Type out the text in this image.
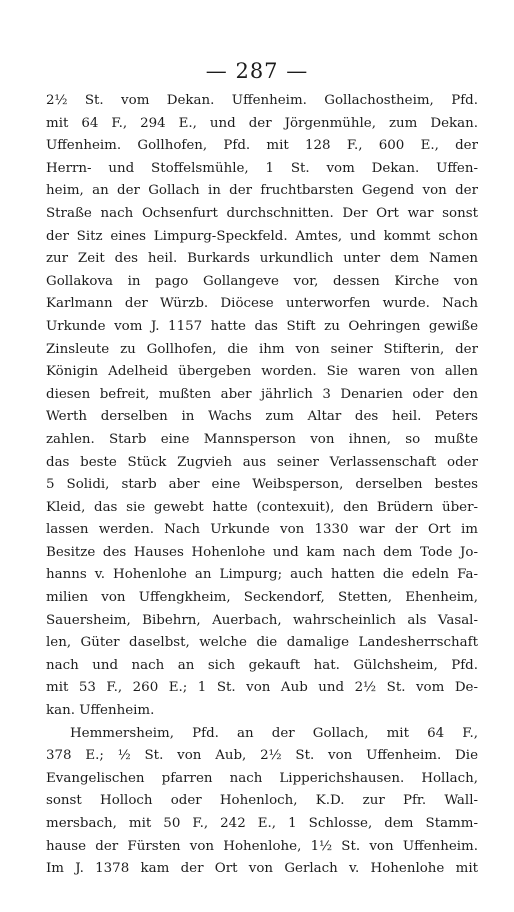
— 287 —
2½ St. vom Dekan. Uffenheim. Gollachostheim, Pfd.
mit 64 F., 294 E., und der Jörgenmühle, zum Dekan.
Uffenheim. Gollhofen, Pfd. mit 128 F., 600 E., der
Herrn- und Stoffelsmühle, 1 St. vom Dekan. Uffen-
heim, an der Gollach in der fruchtbarsten Gegend von der
Straße nach Ochsenfurt durchschnitten. Der Ort war sonst
der Sitz eines Limpurg-Speckfeld. Amtes, und kommt schon
zur Zeit des heil. Burkards urkundlich unter dem Namen
Gollakova in pago Gollangeve vor, dessen Kirche von
Karlmann der Würzb. Diöcese unterworfen wurde. Nach
Urkunde vom J. 1157 hatte das Stift zu Oehringen gewiße
Zinsleute zu Gollhofen, die ihm von seiner Stifterin, der
Königin Adelheid übergeben worden. Sie waren von allen
diesen befreit, mußten aber jährlich 3 Denarien oder den
Werth derselben in Wachs zum Altar des heil. Peters
zahlen. Starb eine Mannsperson von ihnen, so mußte
das beste Stück Zugvieh aus seiner Verlassenschaft oder
5 Solidi, starb aber eine Weibsperson, derselben bestes
Kleid, das sie gewebt hatte (contexuit), den Brüdern über-
lassen werden. Nach Urkunde von 1330 war der Ort im
Besitze des Hauses Hohenlohe und kam nach dem Tode Jo-
hanns v. Hohenlohe an Limpurg; auch hatten die edeln Fa-
milien von Uffengkheim, Seckendorf, Stetten, Ehenheim,
Sauersheim, Bibehrn, Auerbach, wahrscheinlich als Vasal-
len, Güter daselbst, welche die damalige Landesherrschaft
nach und nach an sich gekauft hat. Gülchsheim, Pfd.
mit 53 F., 260 E.; 1 St. von Aub und 2½ St. vom De-
kan. Uffenheim.
Hemmersheim, Pfd. an der Gollach, mit 64 F.,
378 E.; ½ St. von Aub, 2½ St. von Uffenheim. Die
Evangelischen pfarren nach Lipperichshausen. Hollach,
sonst Holloch oder Hohenloch, K.D. zur Pfr. Wall-
mersbach, mit 50 F., 242 E., 1 Schlosse, dem Stamm-
hause der Fürsten von Hohenlohe, 1½ St. von Uffenheim.
Im J. 1378 kam der Ort von Gerlach v. Hohenlohe mit
